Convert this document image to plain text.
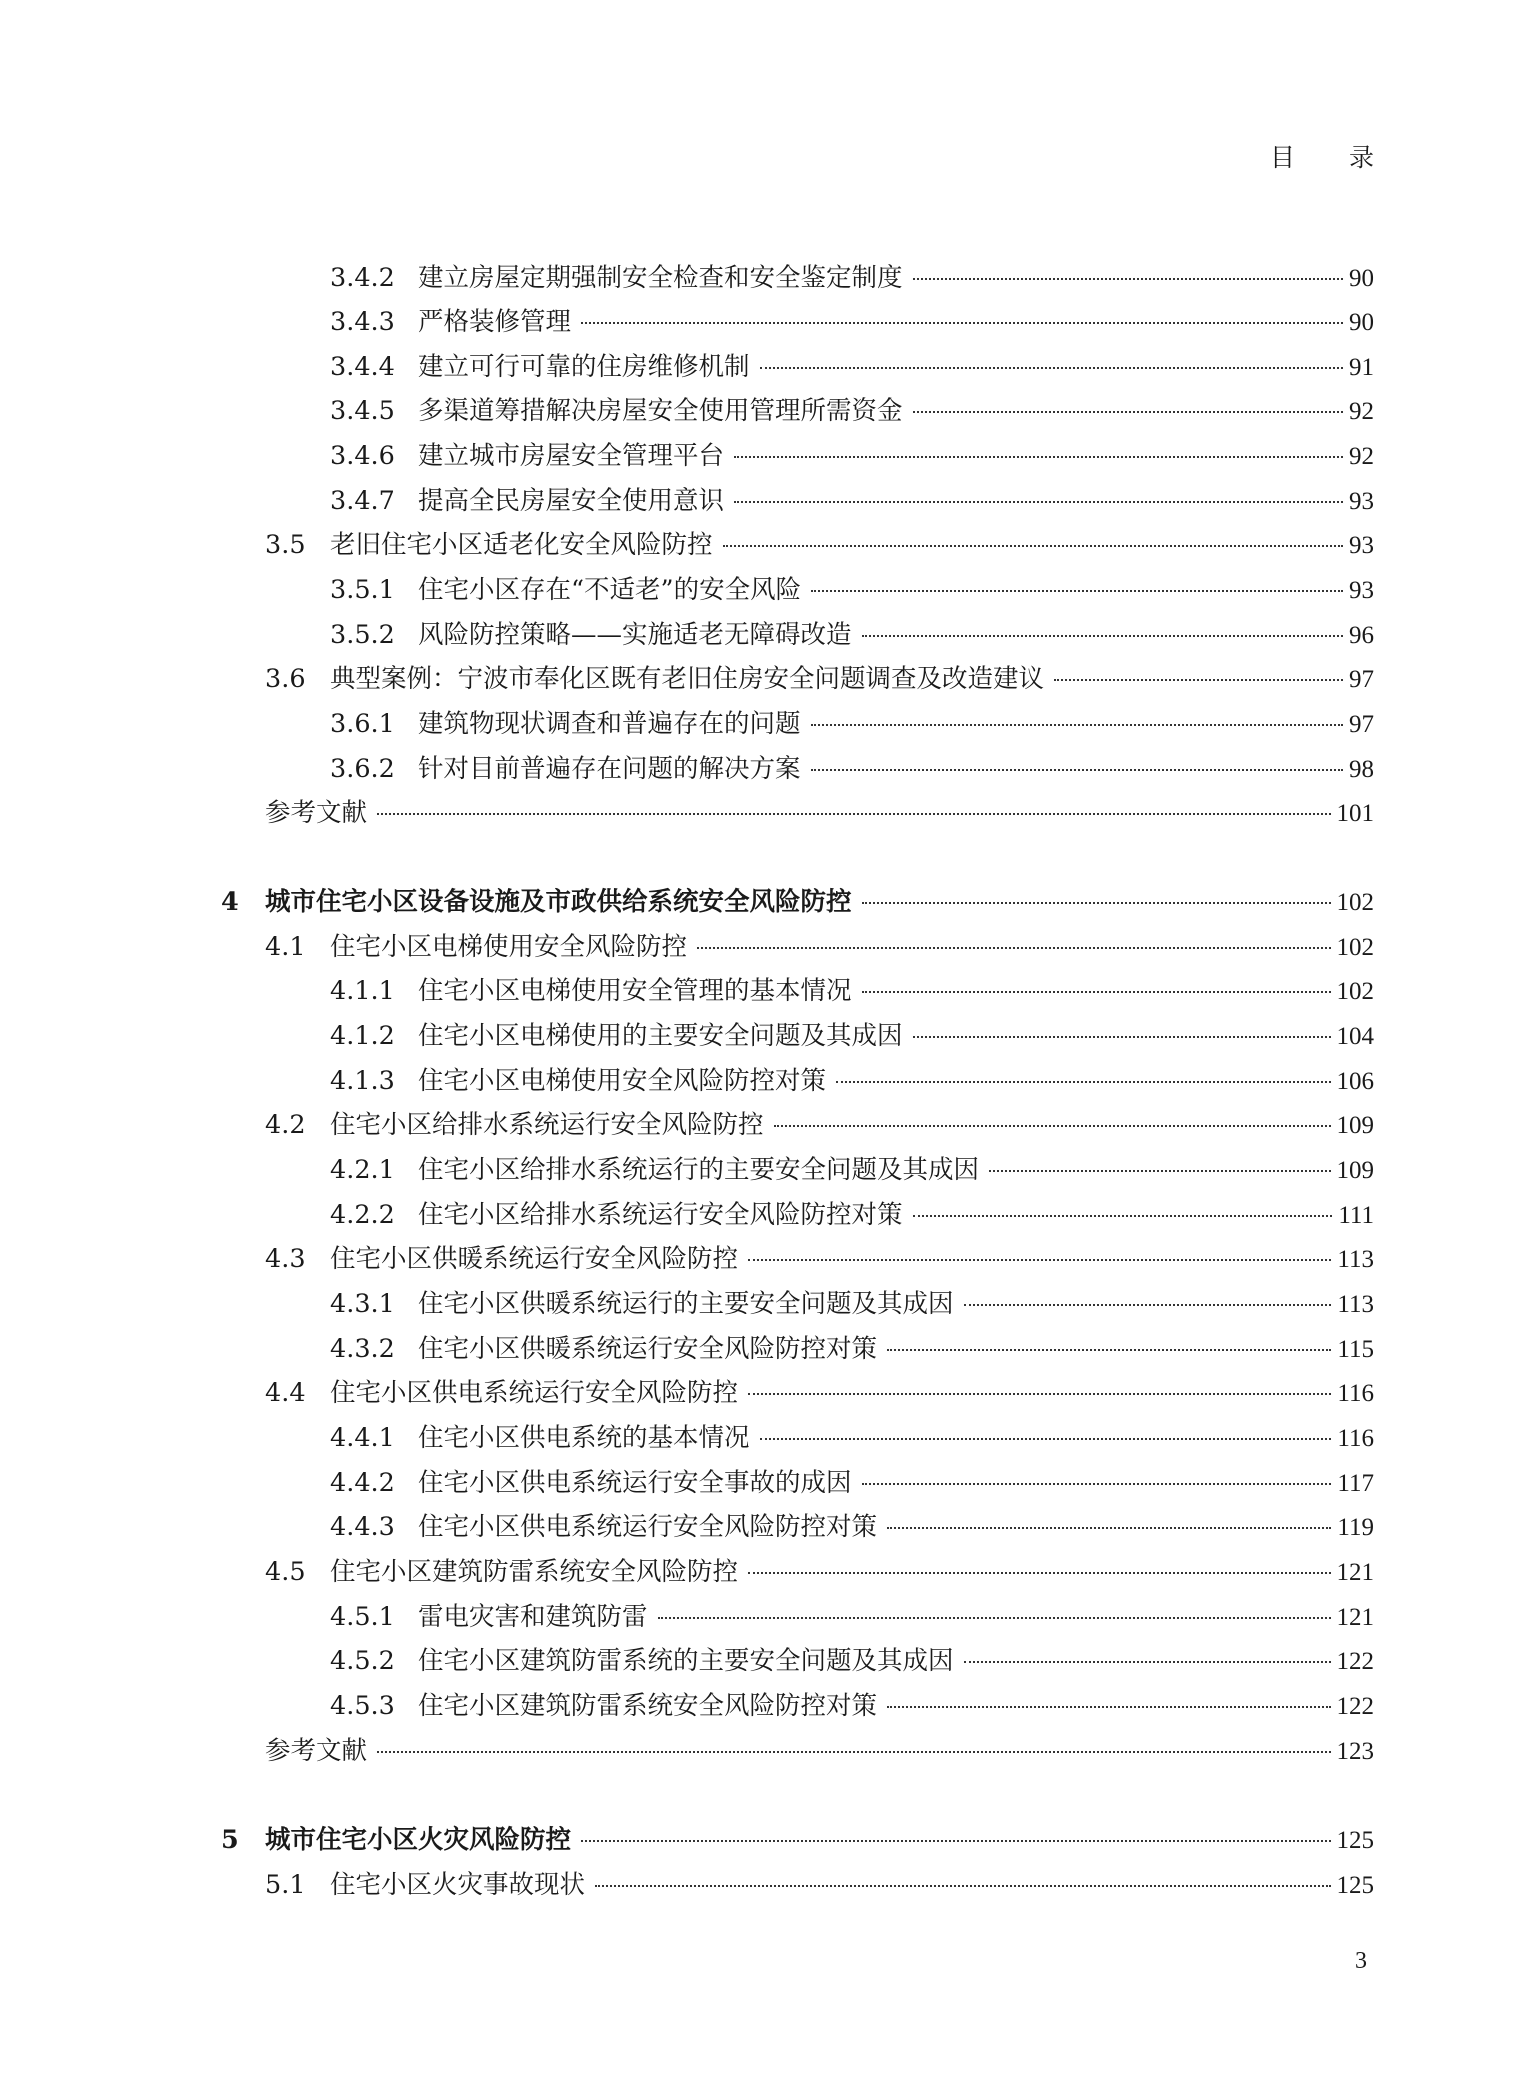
目 录
3.4.2 建立房屋定期强制安全检查和安全鉴定制度	90
3.4.3 严格装修管理	90
3.4.4 建立可行可靠的住房维修机制	91
3.4.5 多渠道筹措解决房屋安全使用管理所需资金	92
3.4.6 建立城市房屋安全管理平台	92
3.4.7 提高全民房屋安全使用意识	93
3.5 老旧住宅小区适老化安全风险防控	93
3.5.1 住宅小区存在“不适老”的安全风险	93
3.5.2 风险防控策略——实施适老无障碍改造	96
3.6 典型案例：宁波市奉化区既有老旧住房安全问题调查及改造建议	97
3.6.1 建筑物现状调查和普遍存在的问题	97
3.6.2 针对目前普遍存在问题的解决方案	98
参考文献	101
4	城市住宅小区设备设施及市政供给系统安全风险防控	102
4.1 住宅小区电梯使用安全风险防控	102
4.1.1 住宅小区电梯使用安全管理的基本情况	102
4.1.2 住宅小区电梯使用的主要安全问题及其成因	104
4.1.3 住宅小区电梯使用安全风险防控对策	106
4.2 住宅小区给排水系统运行安全风险防控	109
4.2.1 住宅小区给排水系统运行的主要安全问题及其成因	109
4.2.2 住宅小区给排水系统运行安全风险防控对策	111
4.3 住宅小区供暖系统运行安全风险防控	113
4.3.1 住宅小区供暖系统运行的主要安全问题及其成因	113
4.3.2 住宅小区供暖系统运行安全风险防控对策	115
4.4 住宅小区供电系统运行安全风险防控	116
4.4.1 住宅小区供电系统的基本情况	116
4.4.2 住宅小区供电系统运行安全事故的成因	117
4.4.3 住宅小区供电系统运行安全风险防控对策	119
4.5 住宅小区建筑防雷系统安全风险防控	121
4.5.1 雷电灾害和建筑防雷	121
4.5.2 住宅小区建筑防雷系统的主要安全问题及其成因	122
4.5.3 住宅小区建筑防雷系统安全风险防控对策	122
参考文献	123
5	城市住宅小区火灾风险防控	125
5.1 住宅小区火灾事故现状	125
3
